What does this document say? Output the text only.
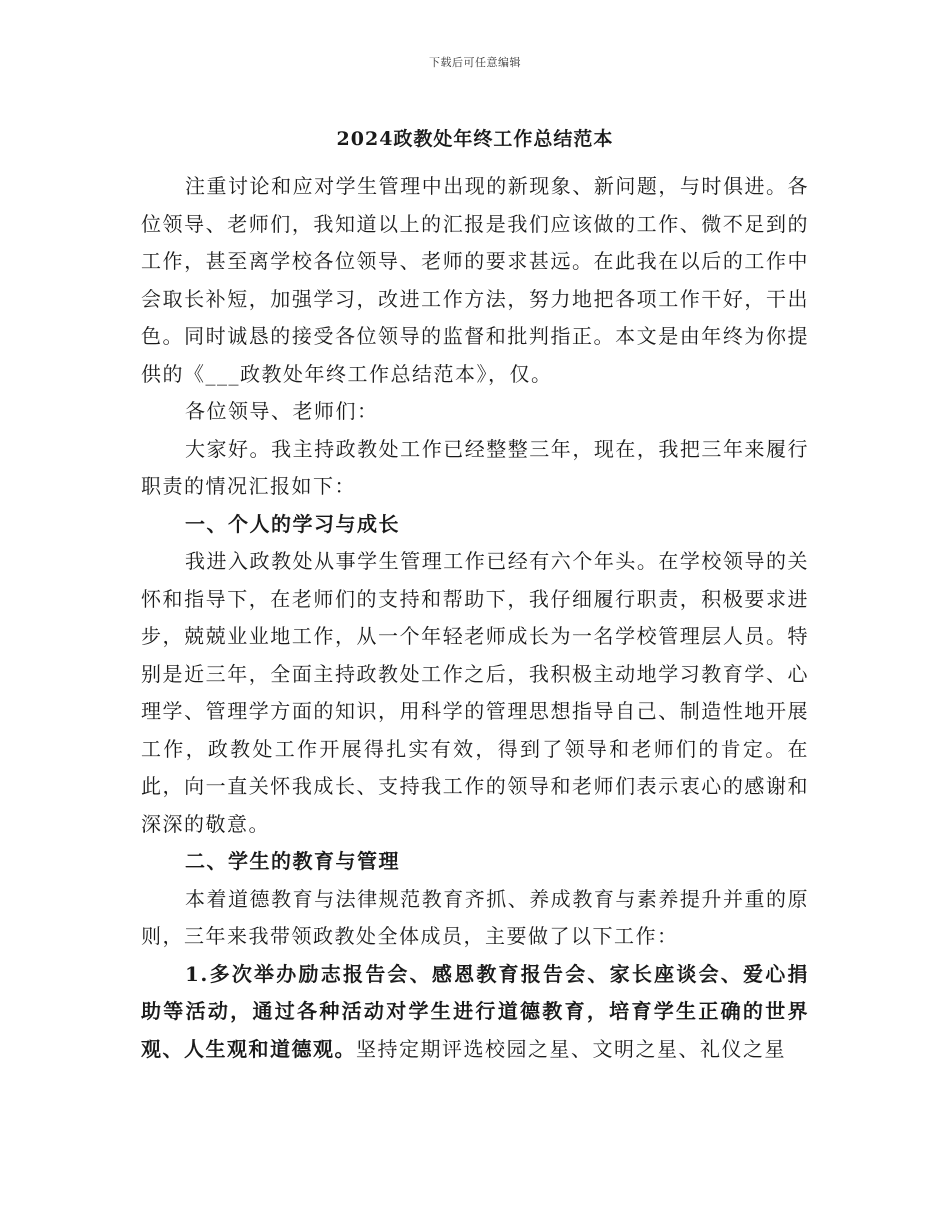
下载后可任意编辑
2024政教处年终工作总结范本

注重讨论和应对学生管理中出现的新现象、新问题，与时俱进。各位领导、老师们，我知道以上的汇报是我们应该做的工作、微不足到的工作，甚至离学校各位领导、老师的要求甚远。在此我在以后的工作中会取长补短，加强学习，改进工作方法，努力地把各项工作干好，干出色。同时诚恳的接受各位领导的监督和批判指正。本文是由年终为你提供的《___政教处年终工作总结范本》，仅。

各位领导、老师们：

大家好。我主持政教处工作已经整整三年，现在，我把三年来履行职责的情况汇报如下：

一、个人的学习与成长

我进入政教处从事学生管理工作已经有六个年头。在学校领导的关怀和指导下，在老师们的支持和帮助下，我仔细履行职责，积极要求进步，兢兢业业地工作，从一个年轻老师成长为一名学校管理层人员。特别是近三年，全面主持政教处工作之后，我积极主动地学习教育学、心理学、管理学方面的知识，用科学的管理思想指导自己、制造性地开展工作，政教处工作开展得扎实有效，得到了领导和老师们的肯定。在此，向一直关怀我成长、支持我工作的领导和老师们表示衷心的感谢和深深的敬意。

二、学生的教育与管理

本着道德教育与法律规范教育齐抓、养成教育与素养提升并重的原则，三年来我带领政教处全体成员，主要做了以下工作：

1.多次举办励志报告会、感恩教育报告会、家长座谈会、爱心捐助等活动，通过各种活动对学生进行道德教育，培育学生正确的世界观、人生观和道德观。坚持定期评选校园之星、文明之星、礼仪之星
